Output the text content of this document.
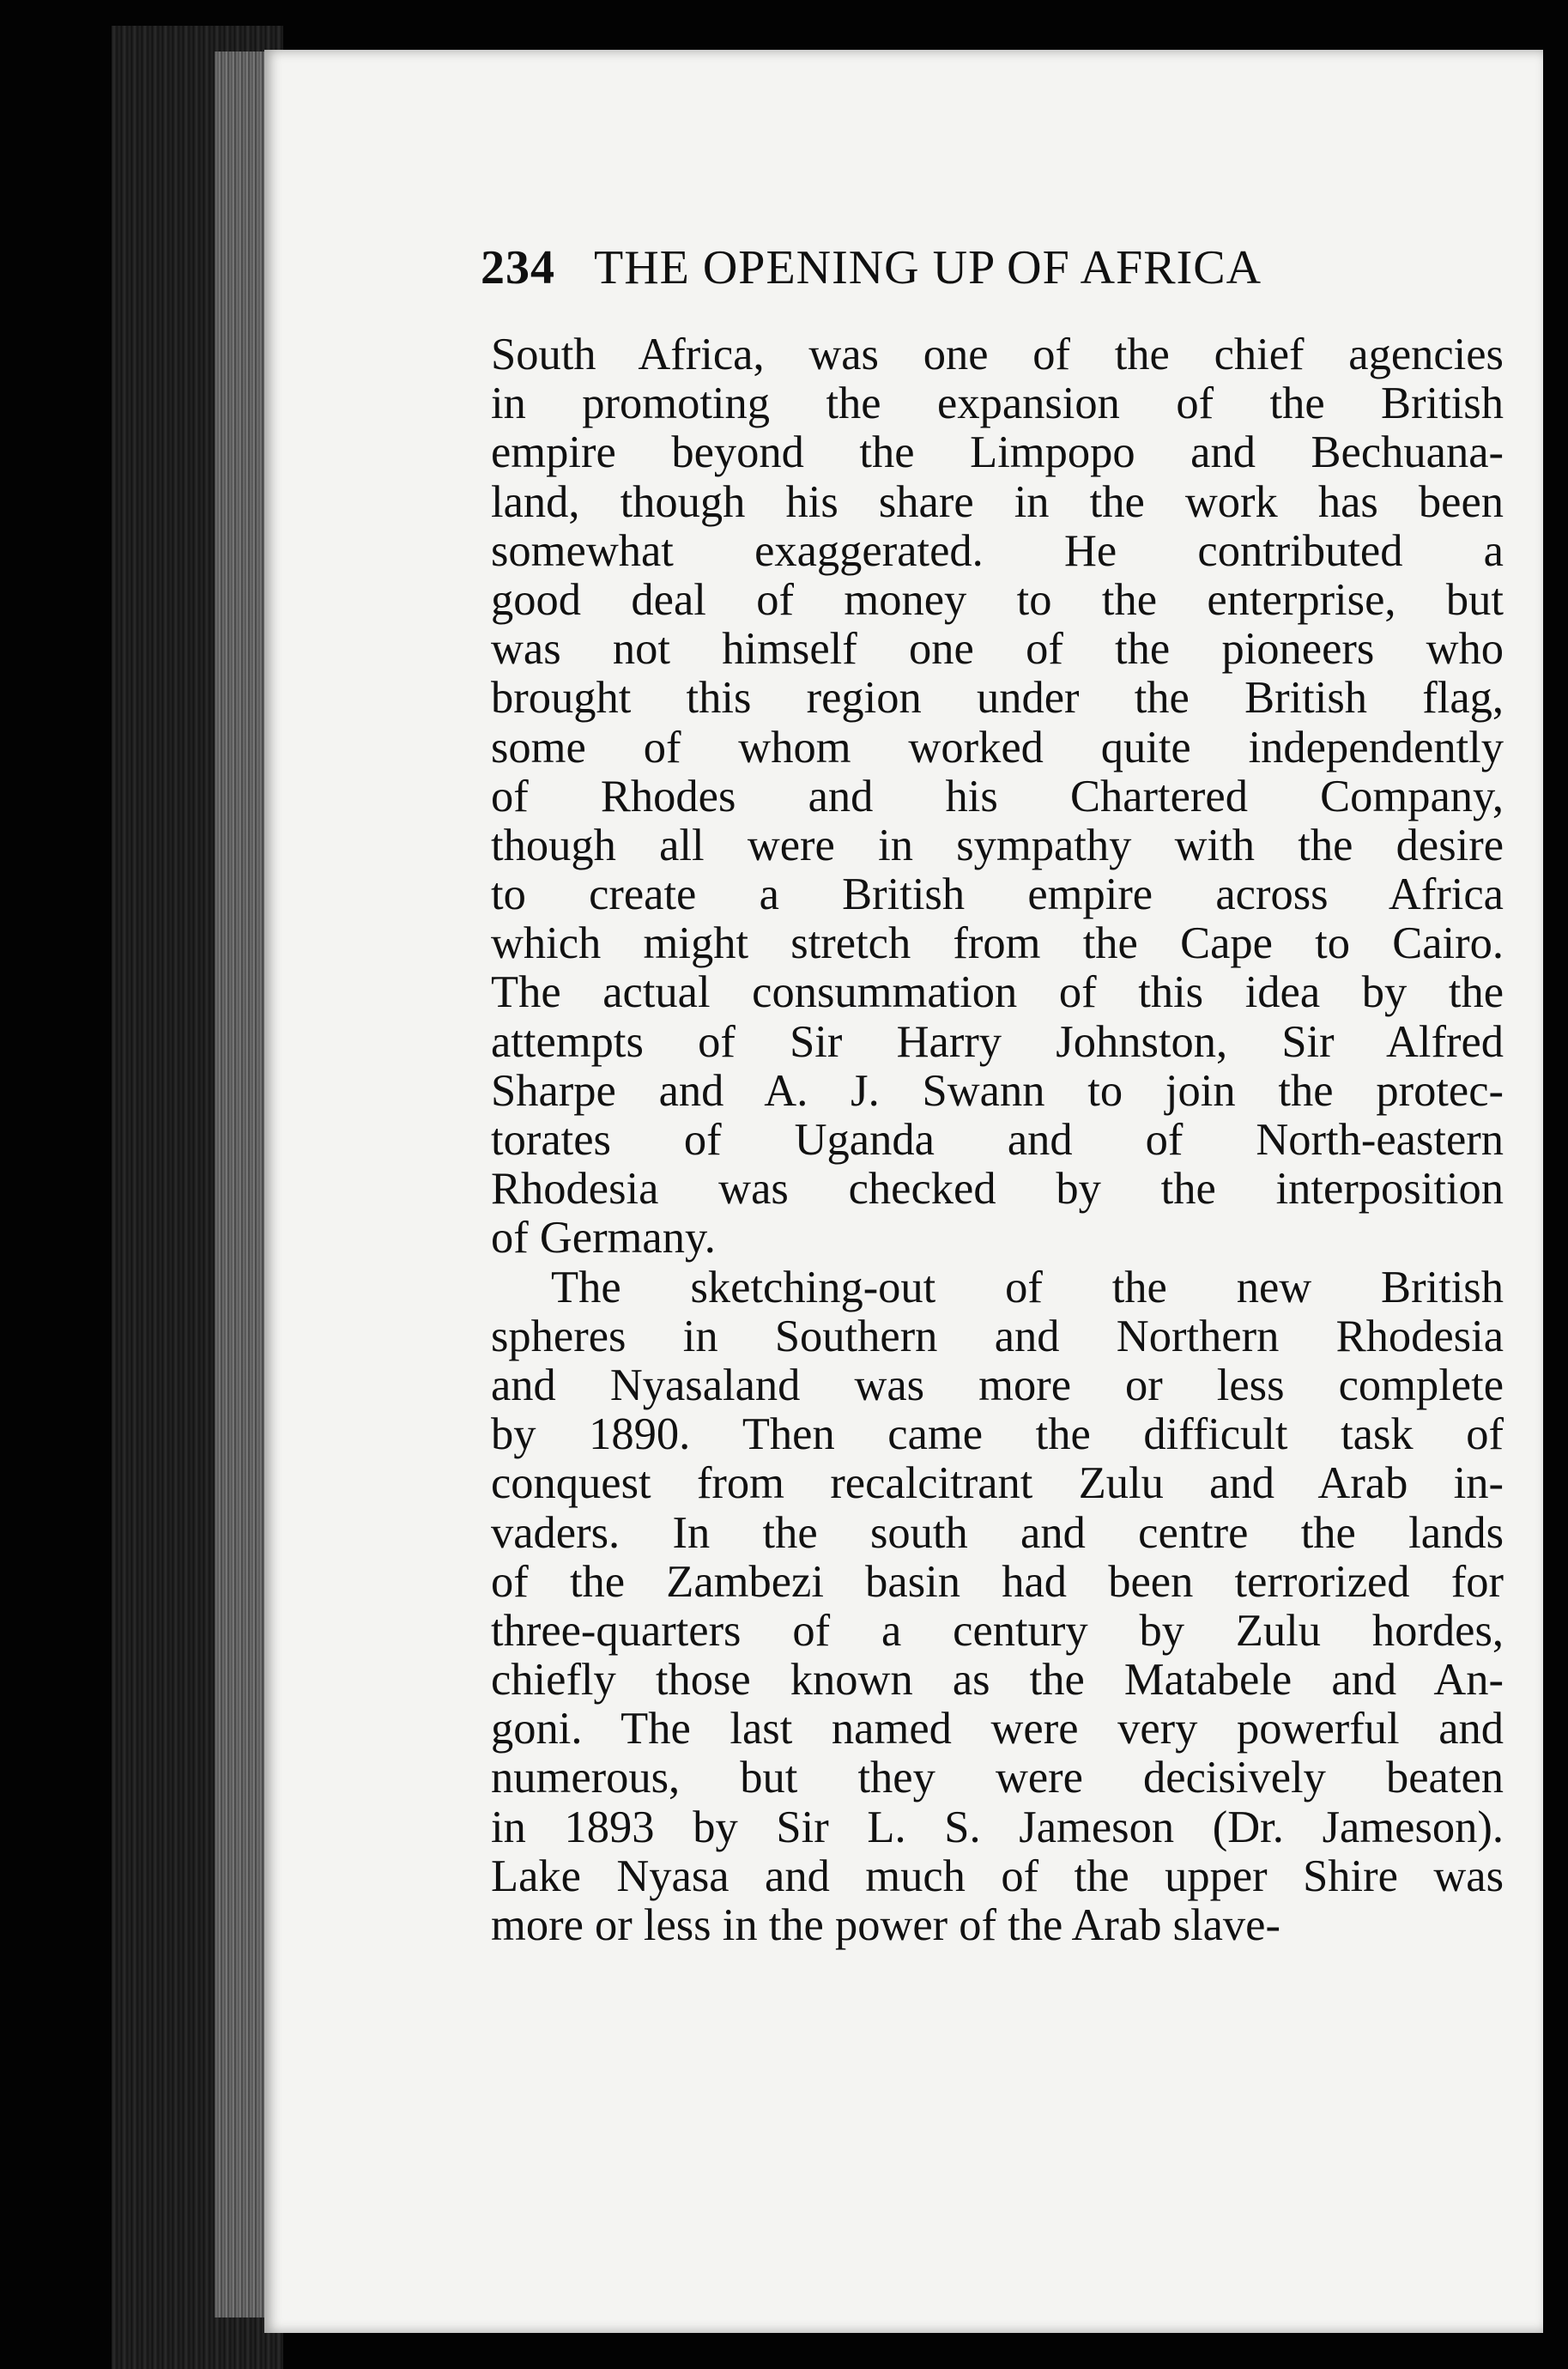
234 THE OPENING UP OF AFRICA
South Africa, was one of the chief agencies
in promoting the expansion of the British
empire beyond the Limpopo and Bechuana-
land, though his share in the work has been
somewhat exaggerated. He contributed a
good deal of money to the enterprise, but
was not himself one of the pioneers who
brought this region under the British flag,
some of whom worked quite independently
of Rhodes and his Chartered Company,
though all were in sympathy with the desire
to create a British empire across Africa
which might stretch from the Cape to Cairo.
The actual consummation of this idea by the
attempts of Sir Harry Johnston, Sir Alfred
Sharpe and A. J. Swann to join the protec-
torates of Uganda and of North-eastern
Rhodesia was checked by the interposition
of Germany.
The sketching-out of the new British
spheres in Southern and Northern Rhodesia
and Nyasaland was more or less complete
by 1890. Then came the difficult task of
conquest from recalcitrant Zulu and Arab in-
vaders. In the south and centre the lands
of the Zambezi basin had been terrorized for
three-quarters of a century by Zulu hordes,
chiefly those known as the Matabele and An-
goni. The last named were very powerful and
numerous, but they were decisively beaten
in 1893 by Sir L. S. Jameson (Dr. Jameson).
Lake Nyasa and much of the upper Shire was
more or less in the power of the Arab slave-
